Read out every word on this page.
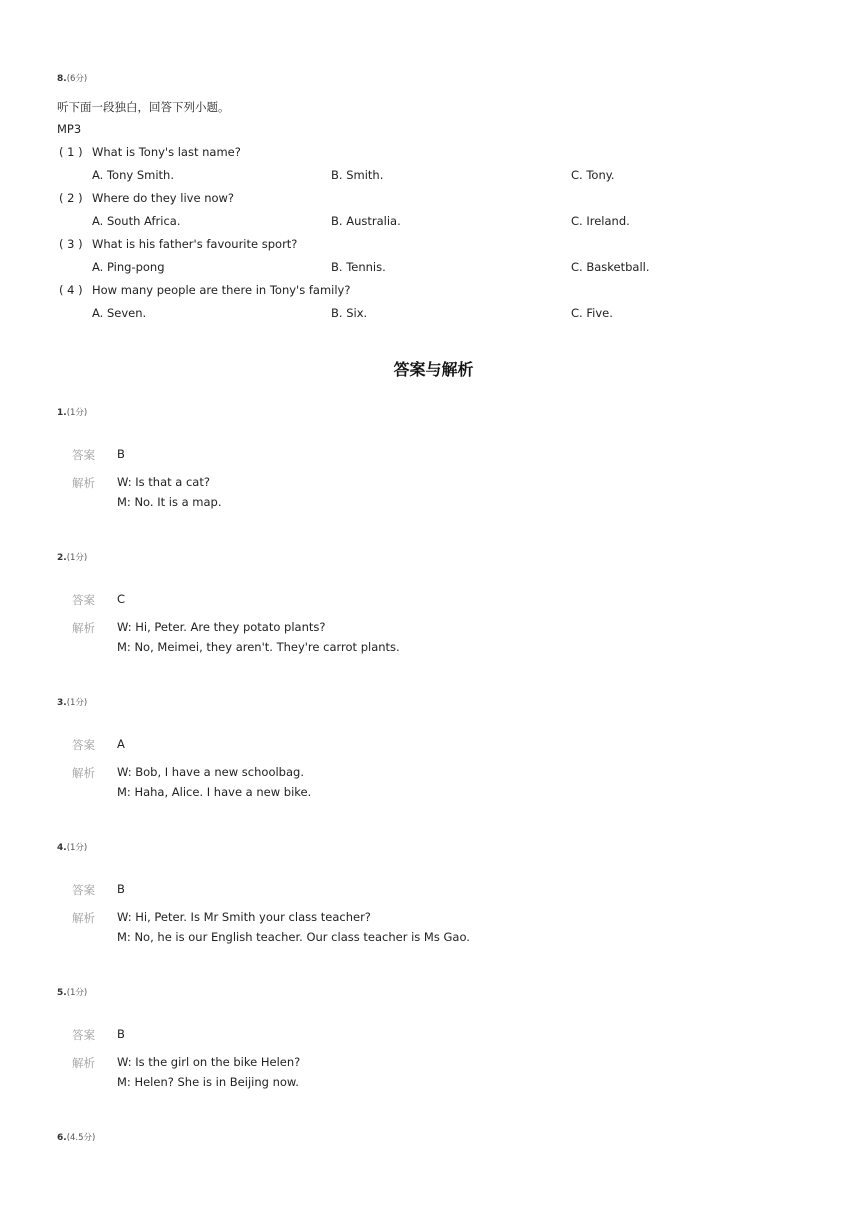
8.(6分)
听下面一段独白，回答下列小题。
MP3
( 1 ) What is Tony's last name?
A. Tony Smith.	B. Smith.	C. Tony.
( 2 ) Where do they live now?
A. South Africa.	B. Australia.	C. Ireland.
( 3 ) What is his father's favourite sport?
A. Ping-pong	B. Tennis.	C. Basketball.
( 4 ) How many people are there in Tony's family?
A. Seven.	B. Six.	C. Five.
答案与解析
1.(1分)
答案 B
解析 W: Is that a cat?
M: No. It is a map.
2.(1分)
答案 C
解析 W: Hi, Peter. Are they potato plants?
M: No, Meimei, they aren't. They're carrot plants.
3.(1分)
答案 A
解析 W: Bob, I have a new schoolbag.
M: Haha, Alice. I have a new bike.
4.(1分)
答案 B
解析 W: Hi, Peter. Is Mr Smith your class teacher?
M: No, he is our English teacher. Our class teacher is Ms Gao.
5.(1分)
答案 B
解析 W: Is the girl on the bike Helen?
M: Helen? She is in Beijing now.
6.(4.5分)
